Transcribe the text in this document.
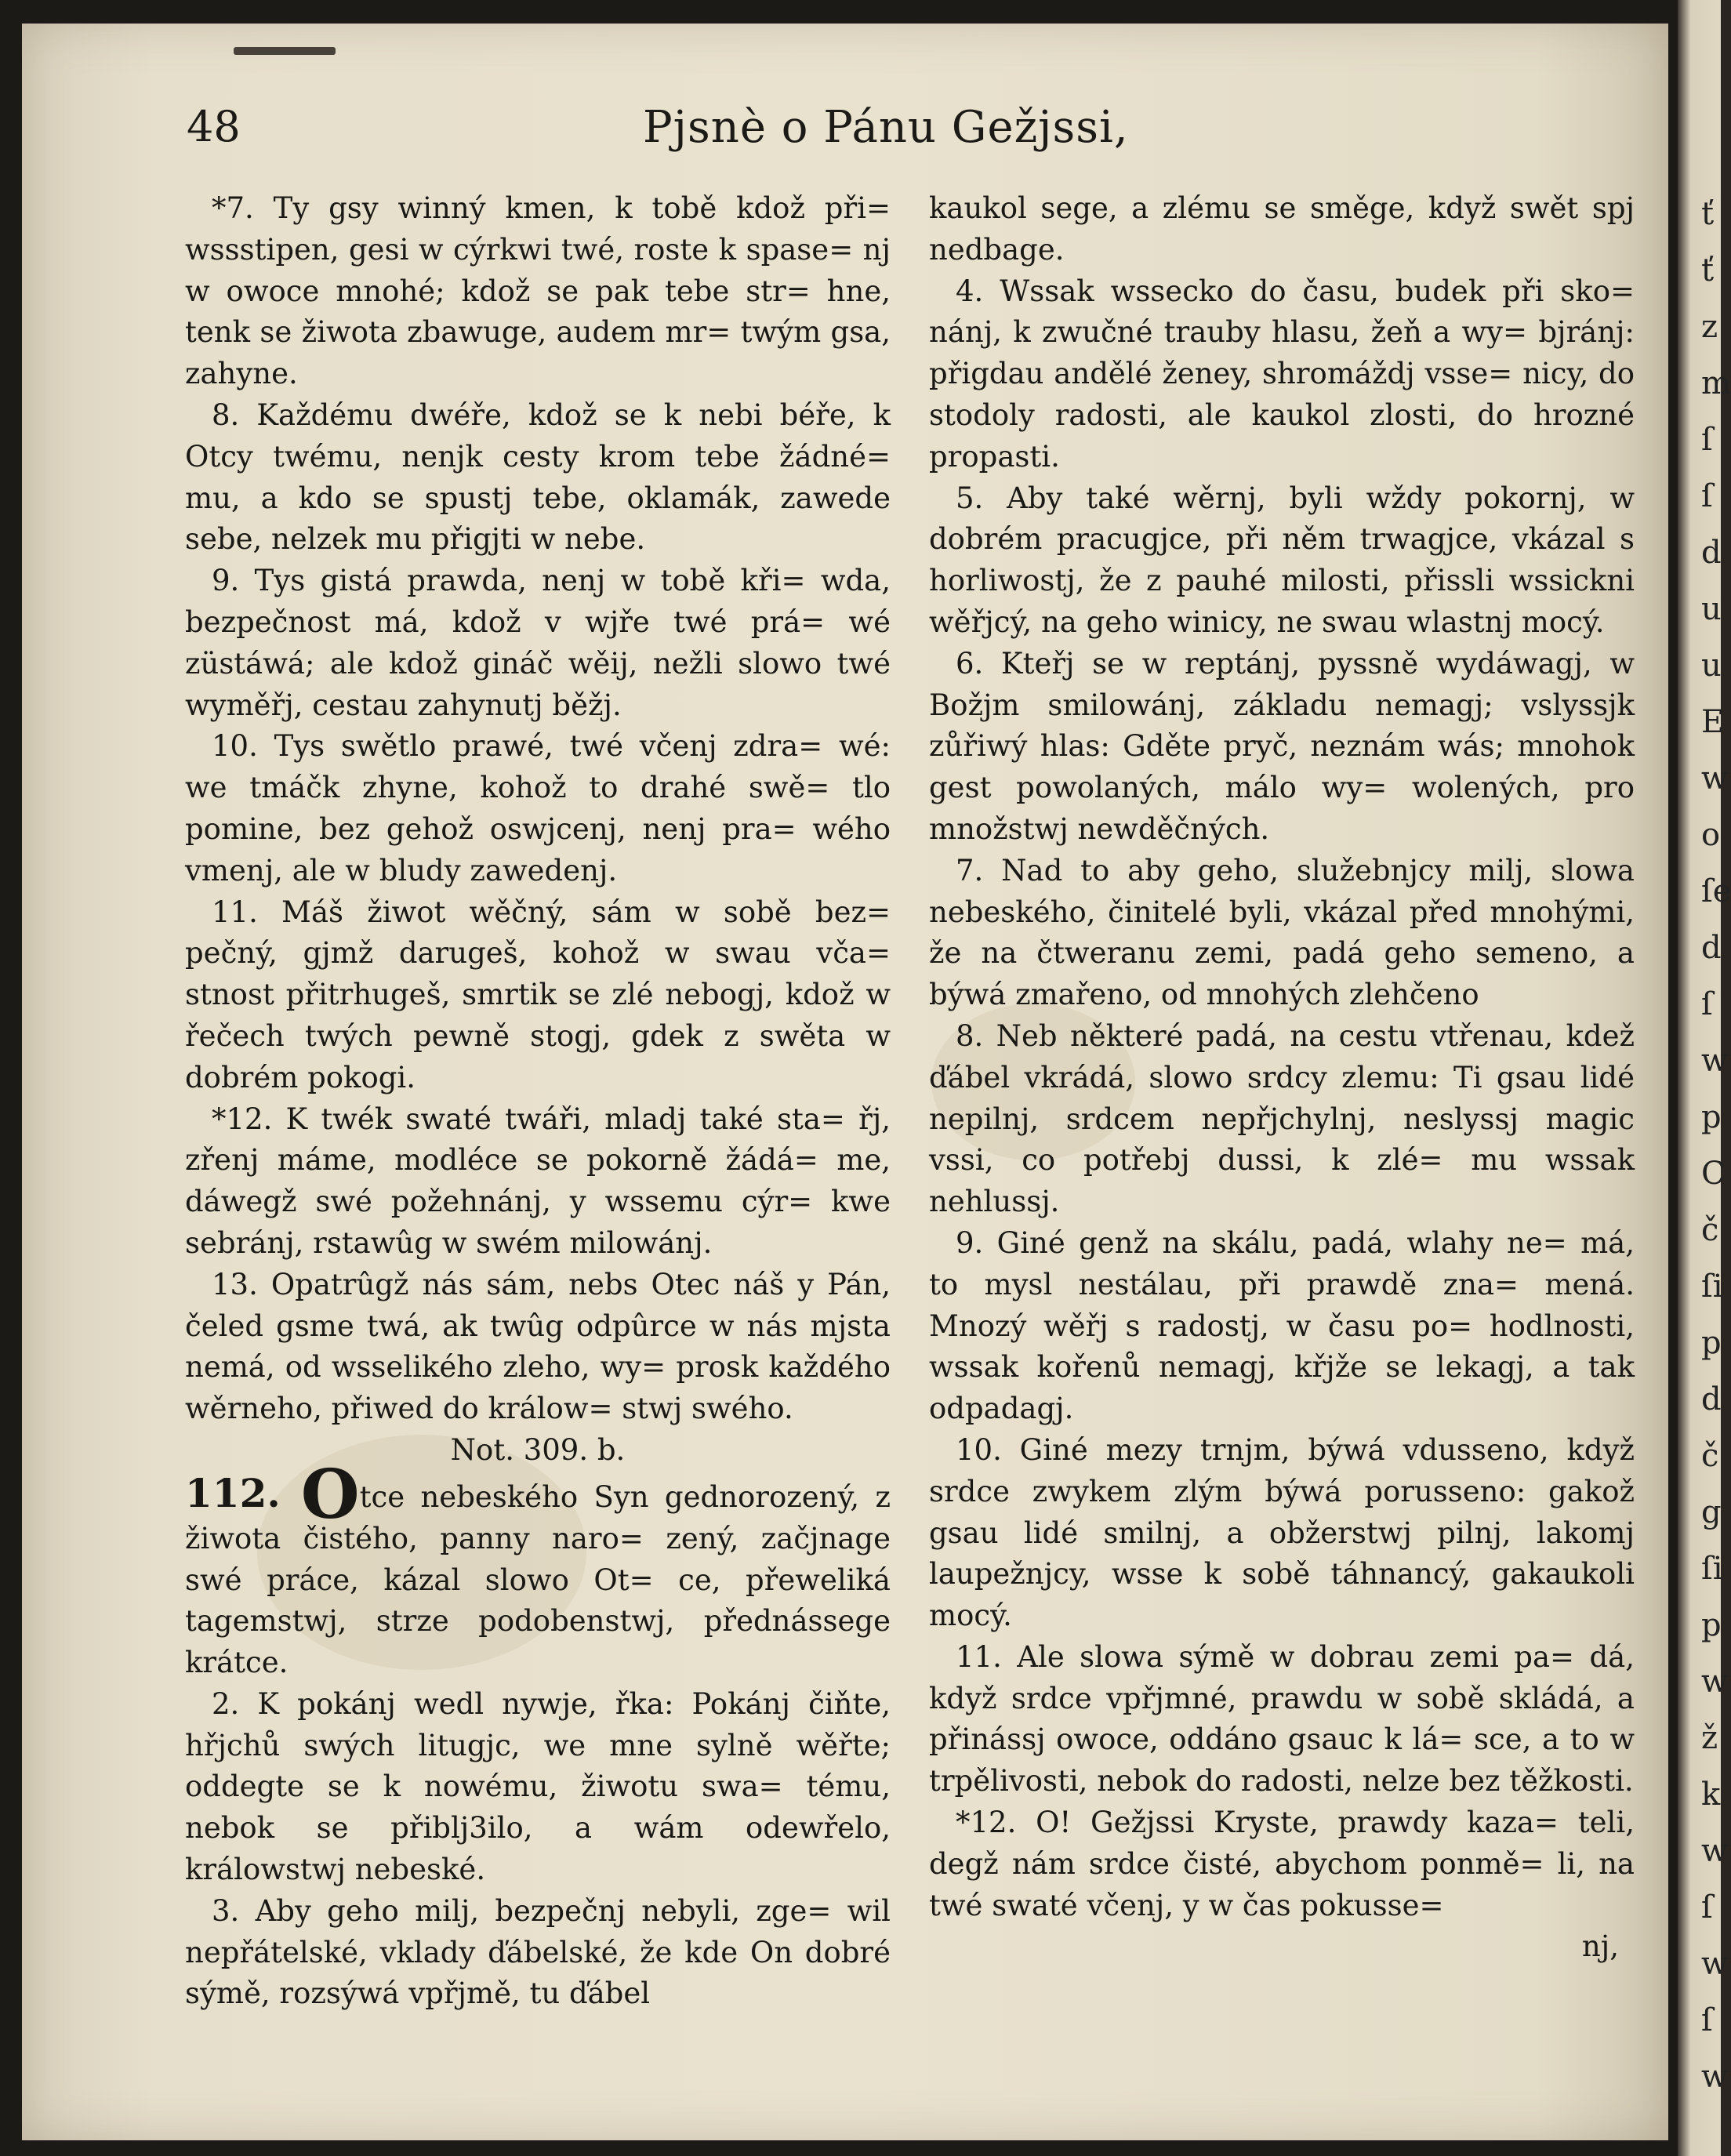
ť
ť
z
m
ſ
ſ
d
u
u
E
w
o
ſe
d
ſ
w
p
C
č
ſi
p
d
č
g
ſi
p
w
ž
k
w
ſ
w
ſ
w
48	Pjsnè o Pánu Gežjssi,

*7. Ty gsy winný kmen, k tobě kdož při= wssstipen, gesi w cýrkwi twé, roste k spase= nj w owoce mnohé; kdož se pak tebe str= hne, tenk se žiwota zbawuge, audem mr= twým gsa, zahyne.

8. Každému dwéře, kdož se k nebi béře, k Otcy twému, nenjk cesty krom tebe žádné= mu, a kdo se spustj tebe, oklamák, zawede sebe, nelzek mu přigjti w nebe.

9. Tys gistá prawda, nenj w tobě kři= wda, bezpečnost má, kdož v wjře twé prá= wé züstáwá; ale kdož gináč wěij, nežli slowo twé wyměřj, cestau zahynutj běžj.

10. Tys swětlo prawé, twé včenj zdra= wé: we tmáčk zhyne, kohož to drahé swě= tlo pomine, bez gehož oswjcenj, nenj pra= wého vmenj, ale w bludy zawedenj.

11. Máš žiwot wěčný, sám w sobě bez= pečný, gjmž darugeš, kohož w swau vča= stnost přitrhugeš, smrtik se zlé nebogj, kdož w řečech twých pewně stogj, gdek z swěta w dobrém pokogi.

*12. K twék swaté twáři, mladj také sta= řj, zřenj máme, modléce se pokorně žádá= me, dáwegž swé požehnánj, y wssemu cýr= kwe sebránj, rstawûg w swém milowánj.

13. Opatrûgž nás sám, nebs Otec náš y Pán, čeled gsme twá, ak twûg odpûrce w nás mjsta nemá, od wsselikého zleho, wy= prosk každého wěrneho, přiwed do králow= stwj swého.

Not. 309. b.

112. Otce nebeského Syn gednorozený, z žiwota čistého, panny naro= zený, začjnage swé práce, kázal slowo Ot= ce, přeweliká tagemstwj, strze podobenstwj, přednássege krátce.

2. K pokánj wedl nywje, řka: Pokánj čiňte, hřjchů swých litugjc, we mne sylně wěřte; oddegte se k nowému, žiwotu swa= tému, nebok se přiblj3ilo, a wám odewřelo, králowstwj nebeské.

3. Aby geho milj, bezpečnj nebyli, zge= wil nepřátelské, vklady ďábelské, že kde On dobré sýmě, rozsýwá vpřjmě, tu ďábel

kaukol sege, a zlému se směge, když swět spj nedbage.

4. Wssak wssecko do času, budek při sko= nánj, k zwučné trauby hlasu, žeň a wy= bjránj: přigdau andělé ženey, shromáždj vsse= nicy, do stodoly radosti, ale kaukol zlosti, do hrozné propasti.

5. Aby také wěrnj, byli wždy pokornj, w dobrém pracugjce, při něm trwagjce, vkázal s horliwostj, že z pauhé milosti, přissli wssickni wěřjcý, na geho winicy, ne swau wlastnj mocý.

6. Kteřj se w reptánj, pyssně wydáwagj, w Božjm smilowánj, základu nemagj; vslyssjk zůřiwý hlas: Gděte pryč, neznám wás; mnohok gest powolaných, málo wy= wolených, pro množstwj newděčných.

7. Nad to aby geho, služebnjcy milj, slowa nebeského, činitelé byli, vkázal před mnohými, že na čtweranu zemi, padá geho semeno, a býwá zmařeno, od mnohých zlehčeno

8. Neb některé padá, na cestu vtřenau, kdež ďábel vkrádá, slowo srdcy zlemu: Ti gsau lidé nepilnj, srdcem nepřjchylnj, neslyssj magic vssi, co potřebj dussi, k zlé= mu wssak nehlussj.

9. Giné genž na skálu, padá, wlahy ne= má, to mysl nestálau, při prawdě zna= mená. Mnozý wěřj s radostj, w času po= hodlnosti, wssak kořenů nemagj, křjže se lekagj, a tak odpadagj.

10. Giné mezy trnjm, býwá vdusseno, když srdce zwykem zlým býwá porusseno: gakož gsau lidé smilnj, a obžerstwj pilnj, lakomj laupežnjcy, wsse k sobě táhnancý, gakaukoli mocý.

11. Ale slowa sýmě w dobrau zemi pa= dá, když srdce vpřjmné, prawdu w sobě skládá, a přinássj owoce, oddáno gsauc k lá= sce, a to w trpělivosti, nebok do radosti, nelze bez těžkosti.

*12. O! Gežjssi Kryste, prawdy kaza= teli, degž nám srdce čisté, abychom ponmě= li, na twé swaté včenj, y w čas pokusse=

nj,
